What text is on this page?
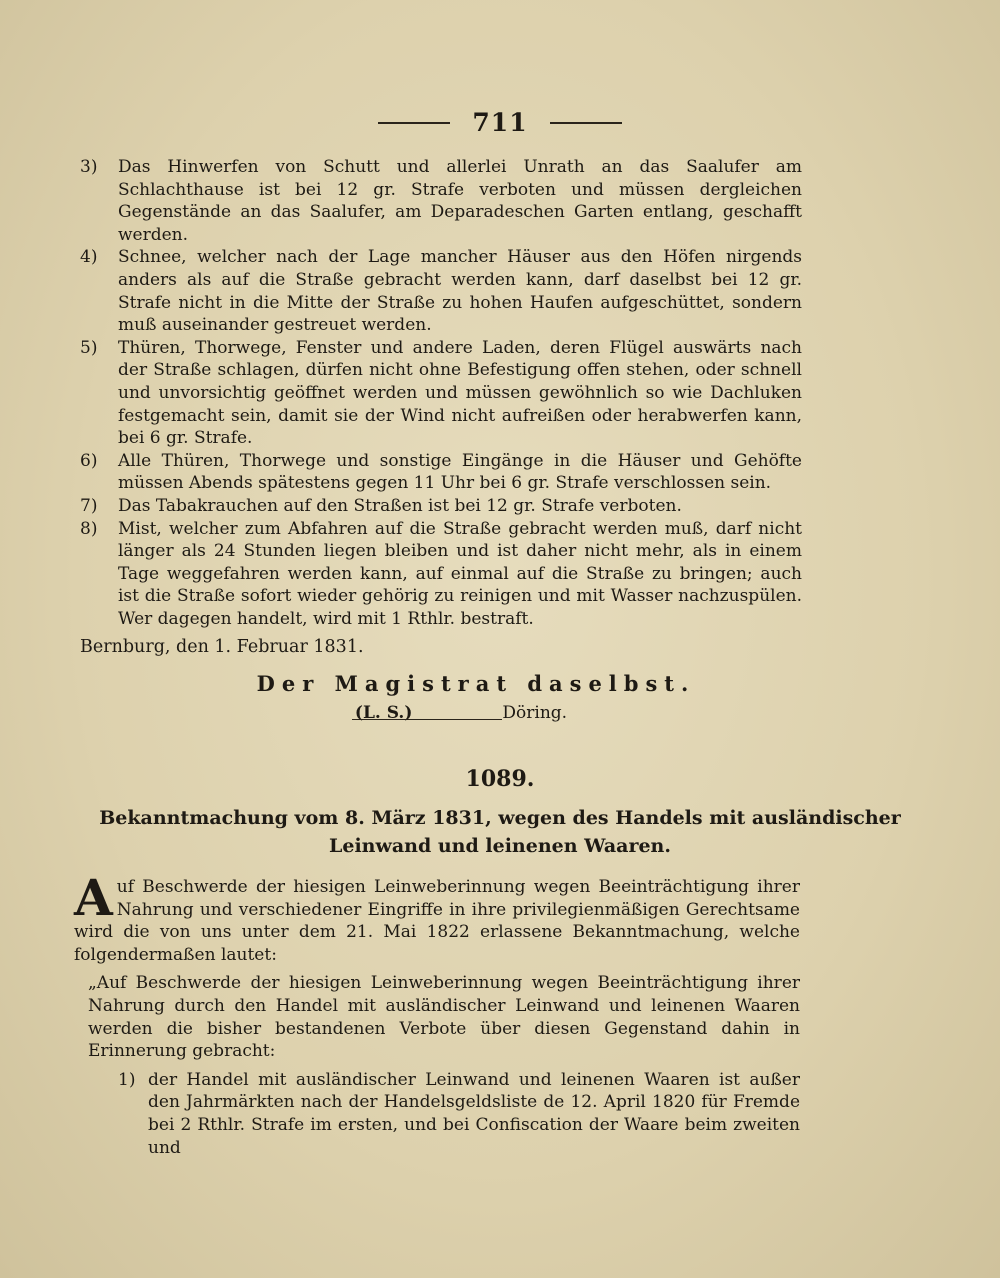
711
3)	Das Hinwerfen von Schutt und allerlei Unrath an das Saalufer am Schlachthause ist bei 12 gr. Strafe verboten und müssen dergleichen Gegenstände an das Saalufer, am Deparadeschen Garten entlang, geschafft werden.
4)	Schnee, welcher nach der Lage mancher Häuser aus den Höfen nirgends anders als auf die Straße gebracht werden kann, darf daselbst bei 12 gr. Strafe nicht in die Mitte der Straße zu hohen Haufen aufgeschüttet, sondern muß auseinander gestreuet werden.
5)	Thüren, Thorwege, Fenster und andere Laden, deren Flügel auswärts nach der Straße schlagen, dürfen nicht ohne Befestigung offen stehen, oder schnell und unvorsichtig geöffnet werden und müssen gewöhnlich so wie Dachluken festgemacht sein, damit sie der Wind nicht aufreißen oder herabwerfen kann, bei 6 gr. Strafe.
6)	Alle Thüren, Thorwege und sonstige Eingänge in die Häuser und Gehöfte müssen Abends spätestens gegen 11 Uhr bei 6 gr. Strafe verschlossen sein.
7)	Das Tabakrauchen auf den Straßen ist bei 12 gr. Strafe verboten.
8)	Mist, welcher zum Abfahren auf die Straße gebracht werden muß, darf nicht länger als 24 Stunden liegen bleiben und ist daher nicht mehr, als in einem Tage weggefahren werden kann, auf einmal auf die Straße zu bringen; auch ist die Straße sofort wieder gehörig zu reinigen und mit Wasser nachzuspülen. Wer dagegen handelt, wird mit 1 Rthlr. bestraft.
Bernburg, den 1. Februar 1831.
Der Magistrat daselbst.
(L. S.)	Döring.
1089.
Bekanntmachung vom 8. März 1831, wegen des Handels mit ausländischer Leinwand und leinenen Waaren.
A uf Beschwerde der hiesigen Leinweberinnung wegen Beeinträchtigung ihrer Nahrung und verschiedener Eingriffe in ihre privilegienmäßigen Gerechtsame wird die von uns unter dem 21. Mai 1822 erlassene Bekanntmachung, welche folgendermaßen lautet:
„Auf Beschwerde der hiesigen Leinweberinnung wegen Beeinträchtigung ihrer Nahrung durch den Handel mit ausländischer Leinwand und leinenen Waaren werden die bisher bestandenen Verbote über diesen Gegenstand dahin in Erinnerung gebracht:
1) der Handel mit ausländischer Leinwand und leinenen Waaren ist außer den Jahrmärkten nach der Handelsgeldsliste de 12. April 1820 für Fremde bei 2 Rthlr. Strafe im ersten, und bei Confiscation der Waare beim zweiten und
